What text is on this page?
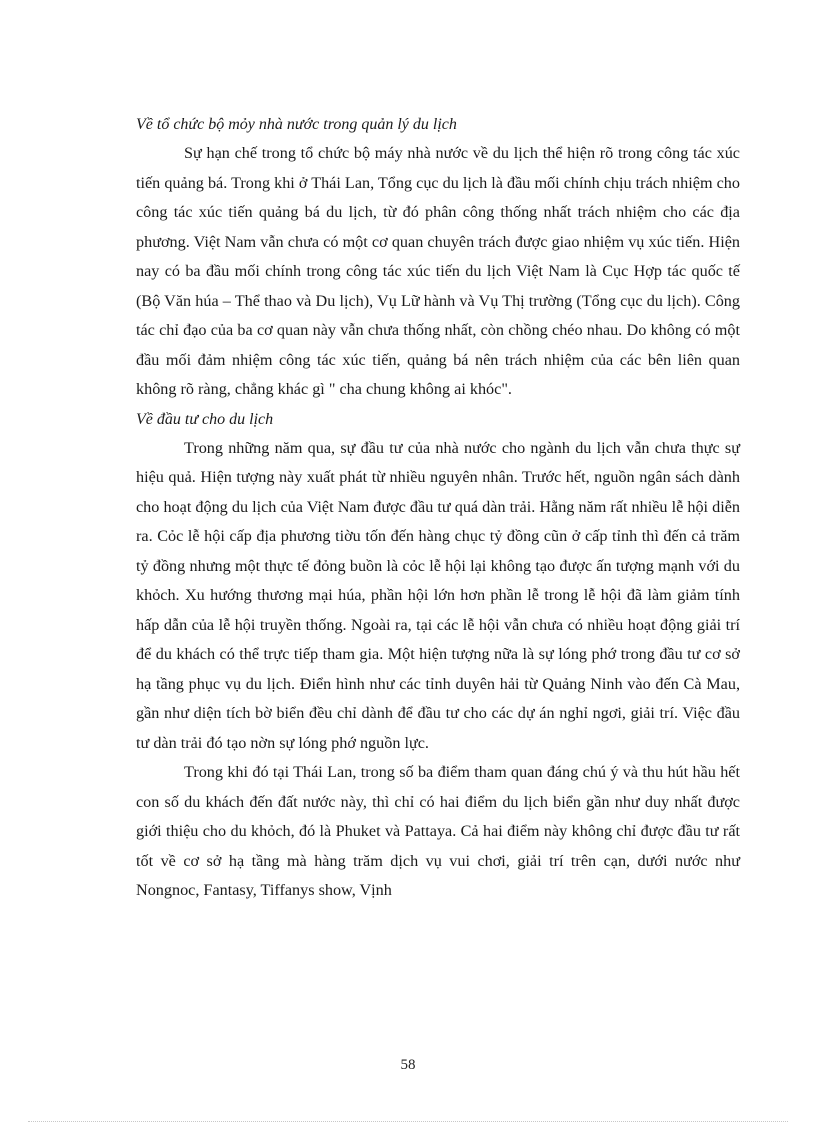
Về tổ chức bộ mỏy nhà nước trong quản lý du lịch

Sự hạn chế trong tổ chức bộ máy nhà nước về du lịch thể hiện rõ trong công tác xúc tiến quảng bá. Trong khi ở Thái Lan, Tổng cục du lịch là đầu mối chính chịu trách nhiệm cho công tác xúc tiến quảng bá du lịch, từ đó phân công thống nhất trách nhiệm cho các địa phương. Việt Nam vẫn chưa có một cơ quan chuyên trách được giao nhiệm vụ xúc tiến. Hiện nay có ba đầu mối chính trong công tác xúc tiến du lịch Việt Nam là Cục Hợp tác quốc tế (Bộ Văn húa – Thể thao và Du lịch), Vụ Lữ hành và Vụ Thị trường (Tổng cục du lịch). Công tác chỉ đạo của ba cơ quan này vẫn chưa thống nhất, còn chồng chéo nhau. Do không có một đầu mối đảm nhiệm công tác xúc tiến, quảng bá nên trách nhiệm của các bên liên quan không rõ ràng, chẳng khác gì " cha chung không ai khóc".

Về đầu tư cho du lịch

Trong những năm qua, sự đầu tư của nhà nước cho ngành du lịch vẫn chưa thực sự hiệu quả. Hiện tượng này xuất phát từ nhiều nguyên nhân. Trước hết, nguồn ngân sách dành cho hoạt động du lịch của Việt Nam được đầu tư quá dàn trải. Hằng năm rất nhiều lễ hội diễn ra. Cỏc lễ hội cấp địa phương tiờu tốn đến hàng chục tỷ đồng cũn ở cấp tỉnh thì đến cả trăm tỷ đồng nhưng một thực tế đỏng buồn là cỏc lễ hội lại không tạo được ấn tượng mạnh với du khỏch. Xu hướng thương mại húa, phần hội lớn hơn phần lễ trong lễ hội đã làm giảm tính hấp dẫn của lễ hội truyền thống. Ngoài ra, tại các lễ hội vẫn chưa có nhiều hoạt động giải trí để du khách có thể trực tiếp tham gia. Một hiện tượng nữa là sự lóng phớ trong đầu tư cơ sở hạ tầng phục vụ du lịch. Điển hình như các tỉnh duyên hải từ Quảng Ninh vào đến Cà Mau, gần như diện tích bờ biển đều chỉ dành để đầu tư cho các dự án nghỉ ngơi, giải trí. Việc đầu tư dàn trải đó tạo nờn sự lóng phớ nguồn lực.

Trong khi đó tại Thái Lan, trong số ba điểm tham quan đáng chú ý và thu hút hầu hết con số du khách đến đất nước này, thì chỉ có hai điểm du lịch biển gần như duy nhất được giới thiệu cho du khỏch, đó là Phuket và Pattaya. Cả hai điểm này không chỉ được đầu tư rất tốt về cơ sở hạ tầng mà hàng trăm dịch vụ vui chơi, giải trí trên cạn, dưới nước như Nongnoc, Fantasy, Tiffanys show, Vịnh

58
